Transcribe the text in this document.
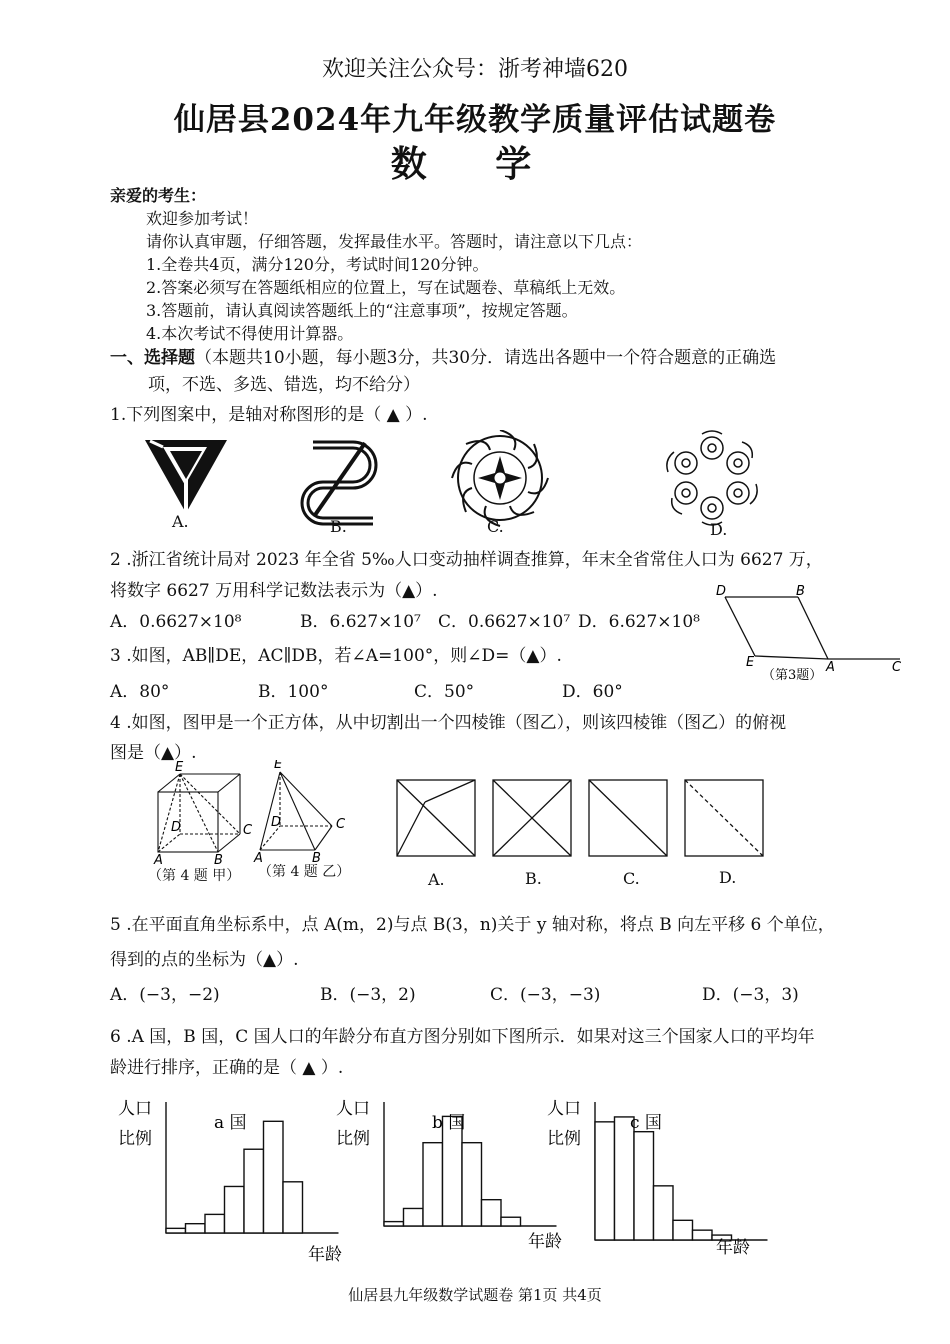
欢迎关注公众号：浙考神墙620
仙居县2024年九年级教学质量评估试题卷
数 学
亲爱的考生：
欢迎参加考试！
请你认真审题，仔细答题，发挥最佳水平。答题时，请注意以下几点：
1.全卷共4页，满分120分，考试时间120分钟。
2.答案必须写在答题纸相应的位置上，写在试题卷、草稿纸上无效。
3.答题前，请认真阅读答题纸上的“注意事项”，按规定答题。
4.本次考试不得使用计算器。
一、选择题（本题共10小题，每小题3分，共30分．请选出各题中一个符合题意的正确选
项，不选、多选、错选，均不给分）
1.下列图案中，是轴对称图形的是（ ▲ ）.
A.	B.	C.	D.
2 .浙江省统计局对 2023 年全省 5‰人口变动抽样调查推算，年末全省常住人口为 6627 万，
将数字 6627 万用科学记数法表示为（▲）.
A．0.6627×10⁸	B．6.627×10⁷ C．0.6627×10⁷ D．6.627×10⁸
D	B
E	A	C
（第3题）
3 .如图，AB∥DE，AC∥DB，若∠A=100°，则∠D=（▲）.
A．80°	B．100°	C．50°	D．60°
4 .如图，图甲是一个正方体，从中切割出一个四棱锥（图乙），则该四棱锥（图乙）的俯视
图是（▲）.
E
D	C
A	B
E
D	C
A	B
（第 4 题 甲） （第 4 题 乙）	A.	B.	C.	D.
5 .在平面直角坐标系中，点 A(m，2)与点 B(3，n)关于 y 轴对称，将点 B 向左平移 6 个单位，
得到的点的坐标为（▲）.
A．(−3，−2)	B．(−3，2)	C．(−3，−3)	D．(−3，3)
6 .A 国，B 国，C 国人口的年龄分布直方图分别如下图所示．如果对这三个国家人口的平均年
龄进行排序，正确的是（ ▲ ）.
人口
比例
a 国
年龄
人口
比例
b 国
年龄
人口
比例
c 国
年龄
仙居县九年级数学试题卷 第1页 共4页
